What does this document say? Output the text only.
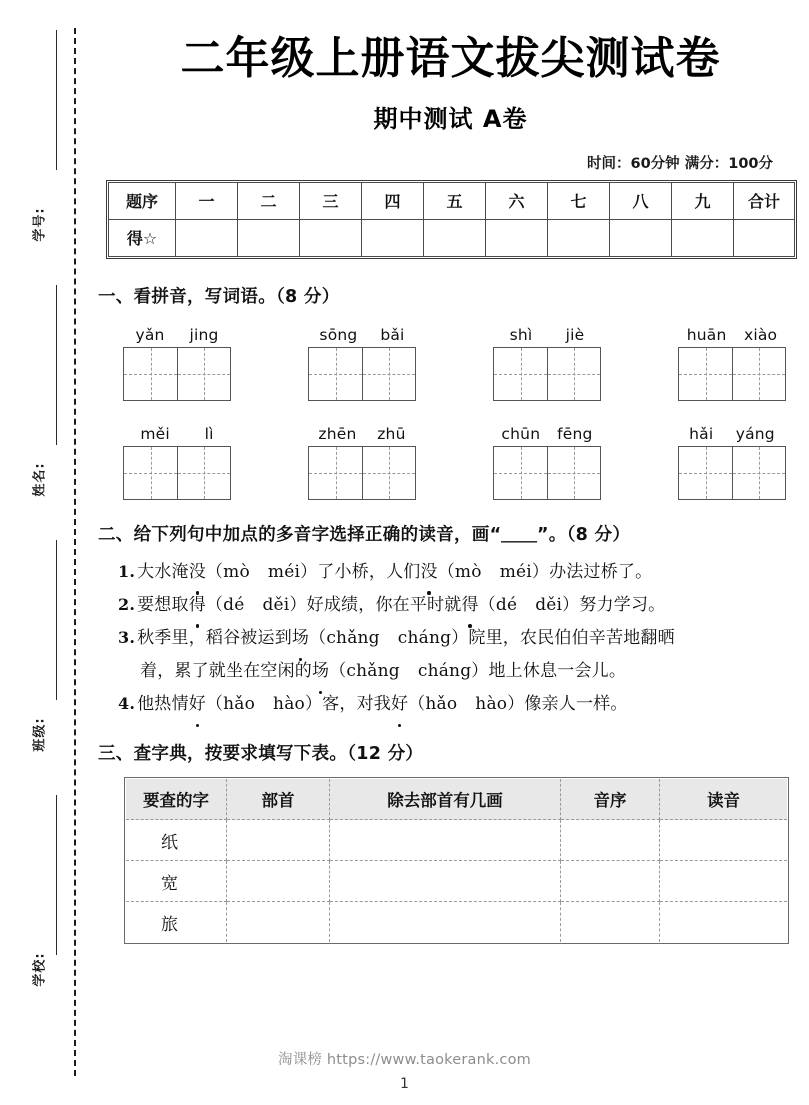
学号:
姓名:
班级:
学校:
二年级上册语文拔尖测试卷
期中测试 A卷
时间：60分钟 满分：100分
题序	一	二	三	四	五	六	七	八	九	合计
得☆										
一、看拼音，写词语。（8 分）
yǎn jing	sōng bǎi	shì jiè	huān xiào
měi lì	zhēn zhū	chūn fēng	hǎi yáng
二、给下列句中加点的多音字选择正确的读音，画“＿＿”。（8 分）
1. 大水淹没（mò méi）了小桥，人们没（mò méi）办法过桥了。
2. 要想取得（dé děi）好成绩，你在平时就得（dé děi）努力学习。
3. 秋季里，稻谷被运到场（chǎng cháng）院里，农民伯伯辛苦地翻晒
着，累了就坐在空闲的场（chǎng cháng）地上休息一会儿。
4. 他热情好（hǎo hào）客，对我好（hǎo hào）像亲人一样。
三、查字典，按要求填写下表。（12 分）
要查的字	部首	除去部首有几画	音序	读音
纸				
宽				
旅				
淘课榜 https://www.taokerank.com
1
